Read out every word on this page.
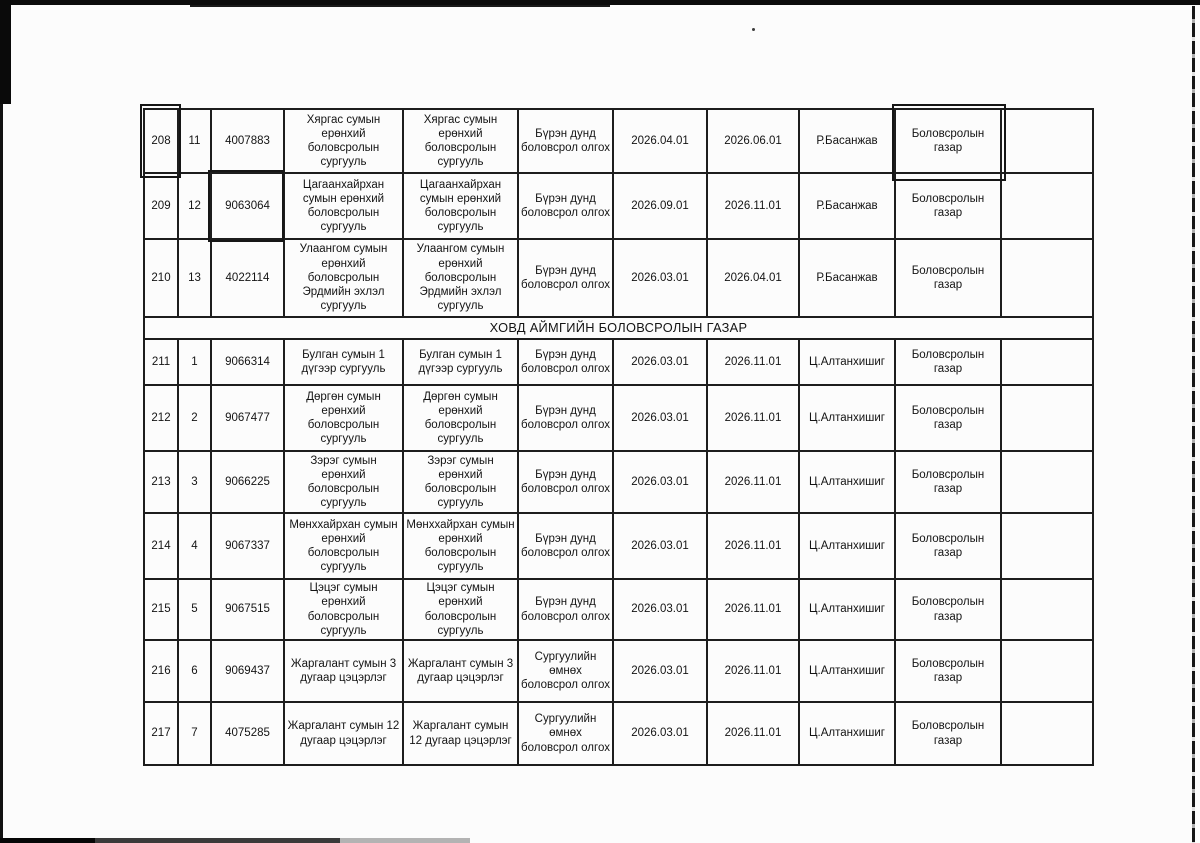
208	11	4007883	Хяргас сумын ерөнхий боловсролын сургууль	Хяргас сумын ерөнхий боловсролын сургууль	Бүрэн дунд боловсрол олгох	2026.04.01	2026.06.01	Р.Басанжав	Боловсролын газар	
209	12	9063064	Цагаанхайрхан сумын ерөнхий боловсролын сургууль	Цагаанхайрхан сумын ерөнхий боловсролын сургууль	Бүрэн дунд боловсрол олгох	2026.09.01	2026.11.01	Р.Басанжав	Боловсролын газар	
210	13	4022114	Улаангом сумын ерөнхий боловсролын Эрдмийн эхлэл сургууль	Улаангом сумын ерөнхий боловсролын Эрдмийн эхлэл сургууль	Бүрэн дунд боловсрол олгох	2026.03.01	2026.04.01	Р.Басанжав	Боловсролын газар	
ХОВД АЙМГИЙН БОЛОВСРОЛЫН ГАЗАР										
211	1	9066314	Булган сумын 1 дүгээр сургууль	Булган сумын 1 дүгээр сургууль	Бүрэн дунд боловсрол олгох	2026.03.01	2026.11.01	Ц.Алтанхишиг	Боловсролын газар	
212	2	9067477	Дөргөн сумын ерөнхий боловсролын сургууль	Дөргөн сумын ерөнхий боловсролын сургууль	Бүрэн дунд боловсрол олгох	2026.03.01	2026.11.01	Ц.Алтанхишиг	Боловсролын газар	
213	3	9066225	Зэрэг сумын ерөнхий боловсролын сургууль	Зэрэг сумын ерөнхий боловсролын сургууль	Бүрэн дунд боловсрол олгох	2026.03.01	2026.11.01	Ц.Алтанхишиг	Боловсролын газар	
214	4	9067337	Мөнххайрхан сумын ерөнхий боловсролын сургууль	Мөнххайрхан сумын ерөнхий боловсролын сургууль	Бүрэн дунд боловсрол олгох	2026.03.01	2026.11.01	Ц.Алтанхишиг	Боловсролын газар	
215	5	9067515	Цэцэг сумын ерөнхий боловсролын сургууль	Цэцэг сумын ерөнхий боловсролын сургууль	Бүрэн дунд боловсрол олгох	2026.03.01	2026.11.01	Ц.Алтанхишиг	Боловсролын газар	
216	6	9069437	Жаргалант сумын 3 дугаар цэцэрлэг	Жаргалант сумын 3 дугаар цэцэрлэг	Сургуулийн өмнөх боловсрол олгох	2026.03.01	2026.11.01	Ц.Алтанхишиг	Боловсролын газар	
217	7	4075285	Жаргалант сумын 12 дугаар цэцэрлэг	Жаргалант сумын 12 дугаар цэцэрлэг	Сургуулийн өмнөх боловсрол олгох	2026.03.01	2026.11.01	Ц.Алтанхишиг	Боловсролын газар	
